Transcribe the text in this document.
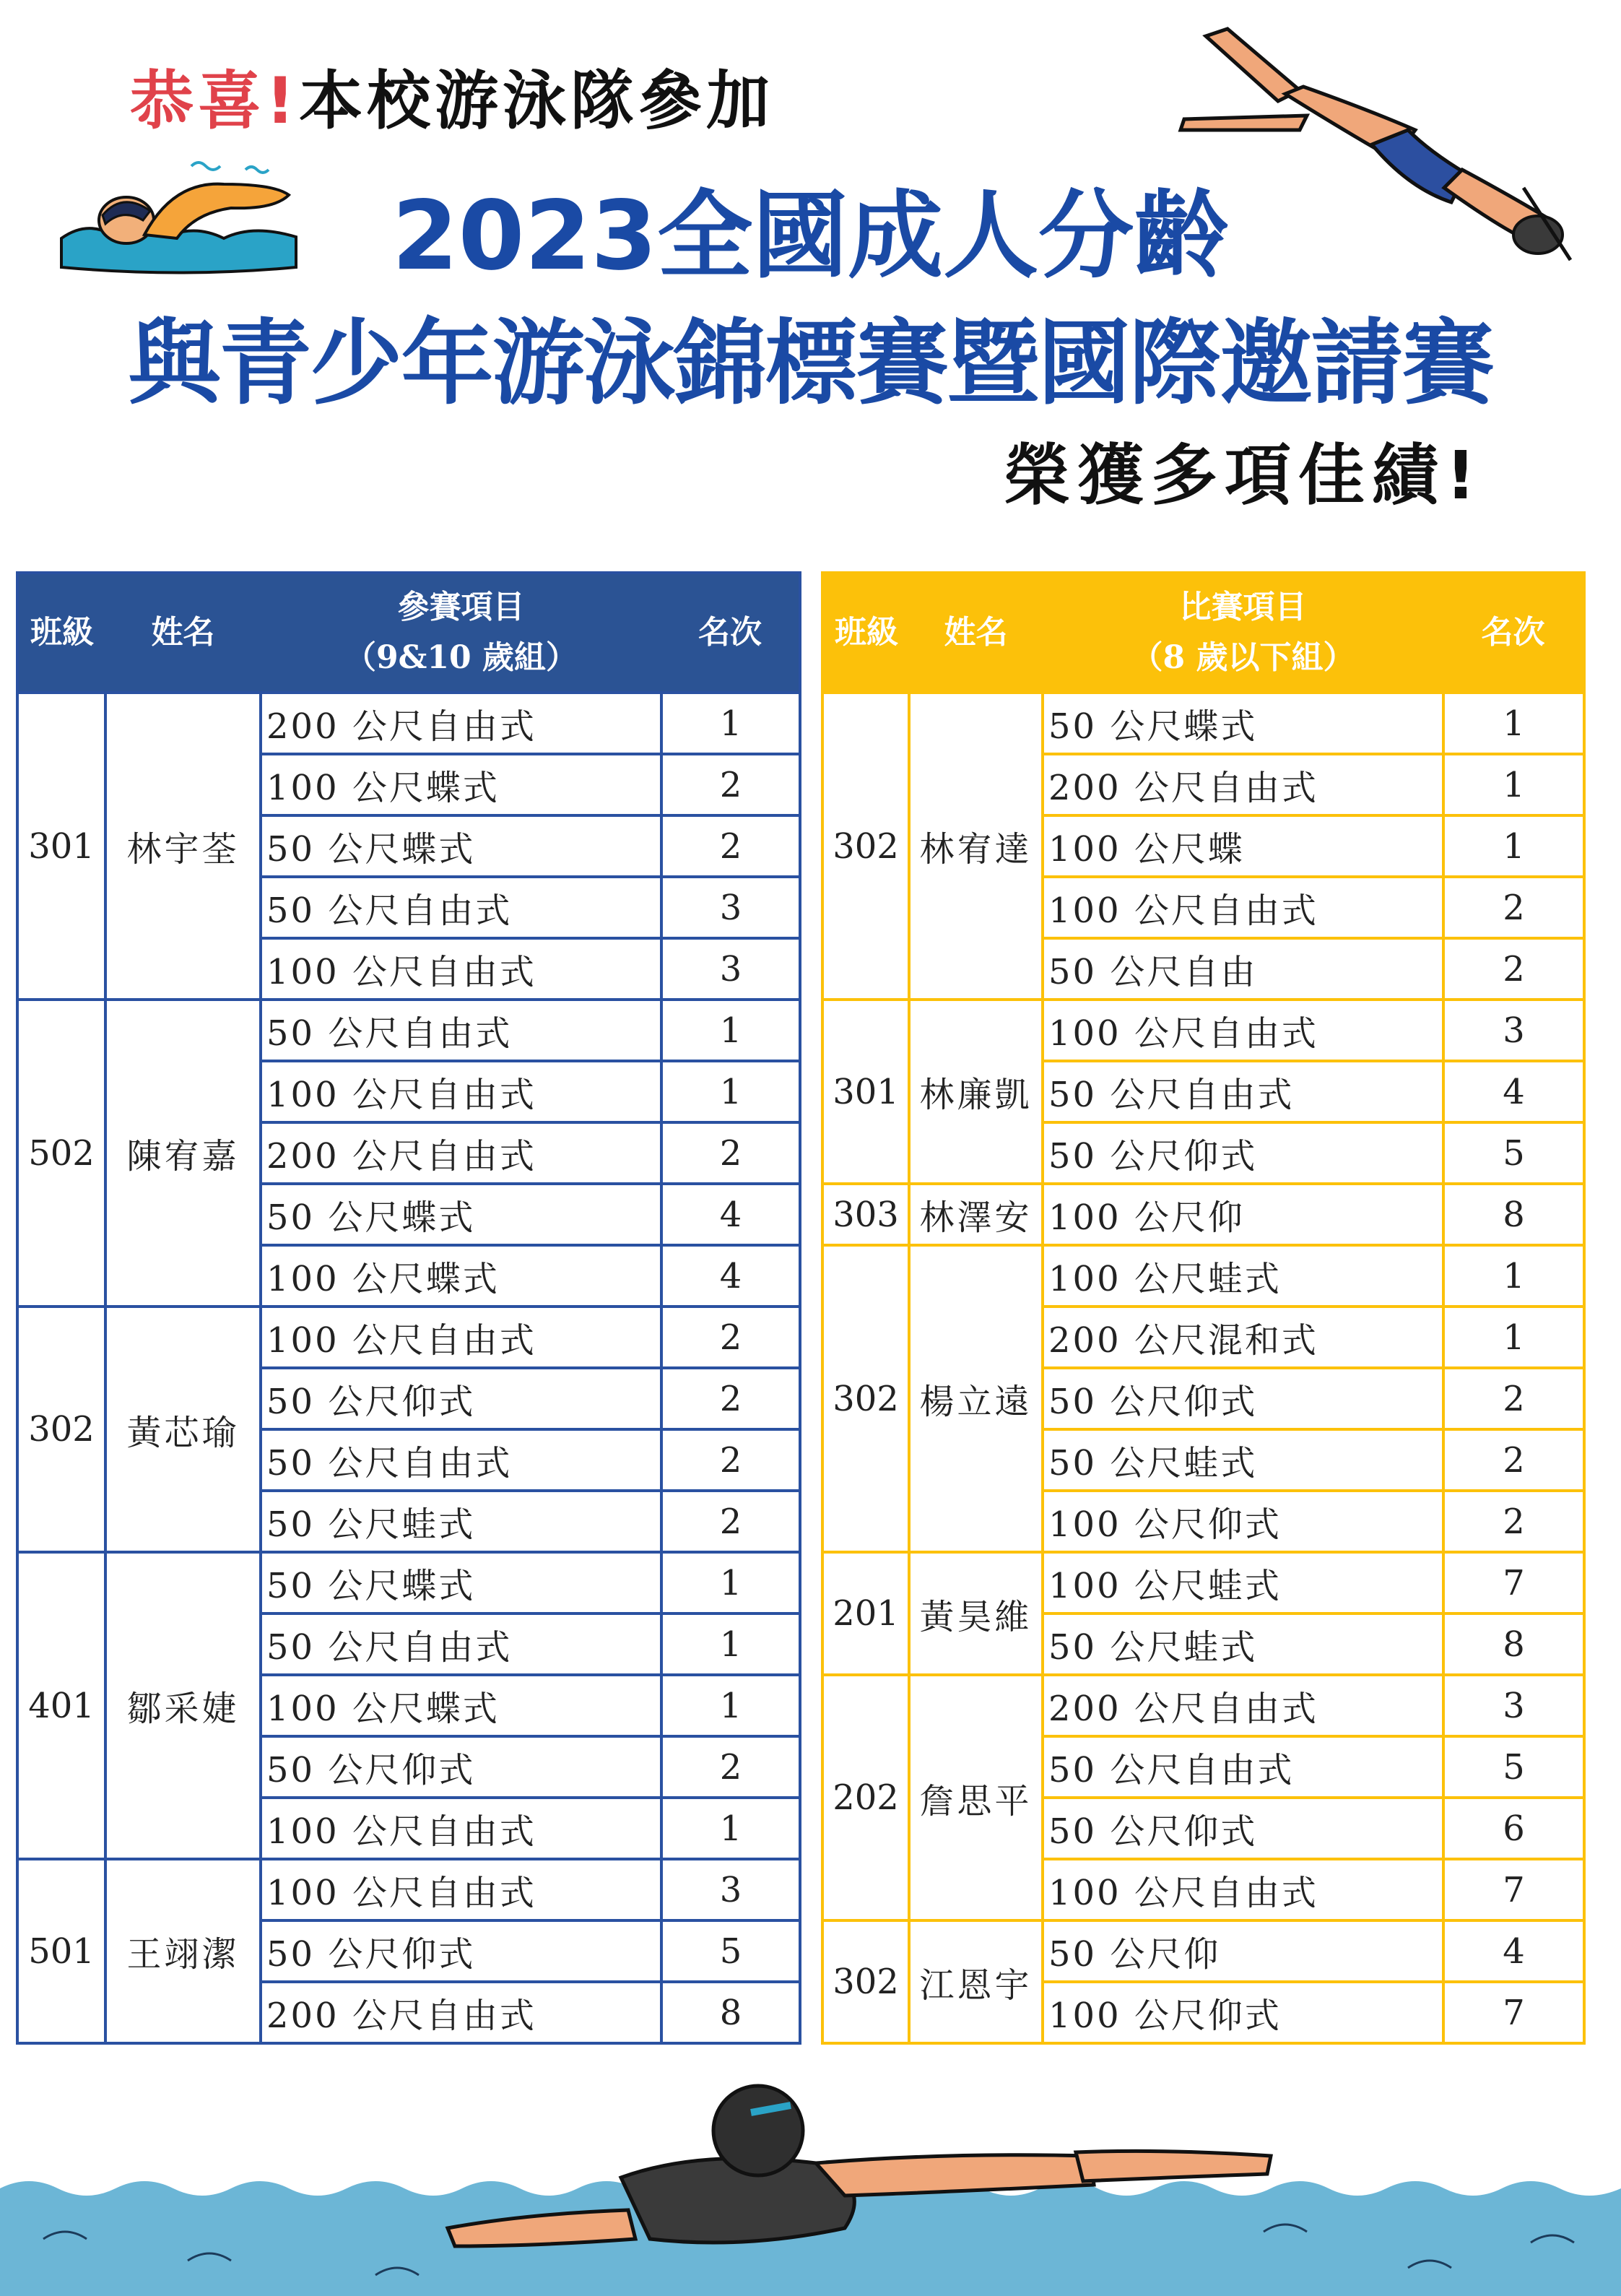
恭喜!本校游泳隊參加
2023全國成人分齡
與青少年游泳錦標賽暨國際邀請賽
榮獲多項佳績!
班級	姓名	參賽項目
（9&10 歲組）	名次
301	林宇荃	200 公尺自由式	1
		100 公尺蝶式	2
		50 公尺蝶式	2
		50 公尺自由式	3
		100 公尺自由式	3
502	陳宥嘉	50 公尺自由式	1
		100 公尺自由式	1
		200 公尺自由式	2
		50 公尺蝶式	4
		100 公尺蝶式	4
302	黃芯瑜	100 公尺自由式	2
		50 公尺仰式	2
		50 公尺自由式	2
		50 公尺蛙式	2
401	鄒采婕	50 公尺蝶式	1
		50 公尺自由式	1
		100 公尺蝶式	1
		50 公尺仰式	2
		100 公尺自由式	1
501	王翊潔	100 公尺自由式	3
		50 公尺仰式	5
		200 公尺自由式	8
班級	姓名	比賽項目
（8 歲以下組）	名次
302	林宥達	50 公尺蝶式	1
		200 公尺自由式	1
		100 公尺蝶	1
		100 公尺自由式	2
		50 公尺自由	2
301	林廉凱	100 公尺自由式	3
		50 公尺自由式	4
		50 公尺仰式	5
303	林澤安	100 公尺仰	8
302	楊立遠	100 公尺蛙式	1
		200 公尺混和式	1
		50 公尺仰式	2
		50 公尺蛙式	2
		100 公尺仰式	2
201	黃昊維	100 公尺蛙式	7
		50 公尺蛙式	8
202	詹思平	200 公尺自由式	3
		50 公尺自由式	5
		50 公尺仰式	6
		100 公尺自由式	7
302	江恩宇	50 公尺仰	4
		100 公尺仰式	7
